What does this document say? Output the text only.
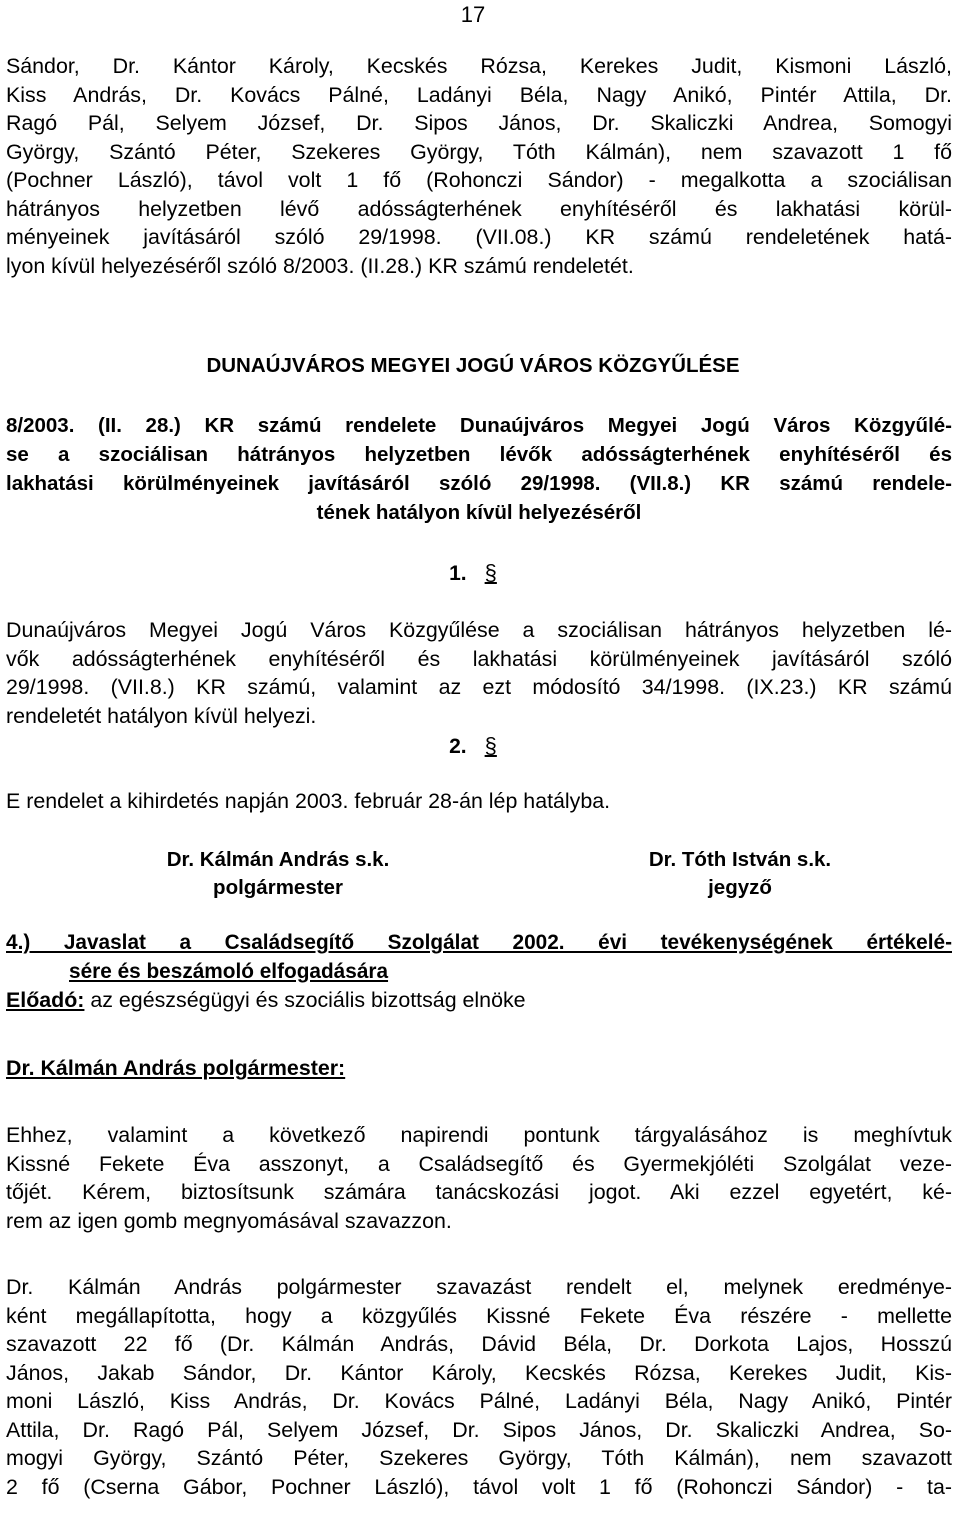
17
Sándor, Dr. Kántor Károly, Kecskés Rózsa, Kerekes Judit, Kismoni László,
Kiss András, Dr. Kovács Pálné, Ladányi Béla, Nagy Anikó, Pintér Attila, Dr.
Ragó Pál, Selyem József, Dr. Sipos János, Dr. Skaliczki Andrea, Somogyi
György, Szántó Péter, Szekeres György, Tóth Kálmán), nem szavazott 1 fő
(Pochner László), távol volt 1 fő (Rohonczi Sándor) - megalkotta a szociálisan
hátrányos helyzetben lévő adósságterhének enyhítéséről és lakhatási körül-
ményeinek javításáról szóló 29/1998. (VII.08.) KR számú rendeletének hatá-
lyon kívül helyezéséről szóló 8/2003. (II.28.) KR számú rendeletét.
DUNAÚJVÁROS MEGYEI JOGÚ VÁROS KÖZGYŰLÉSE
8/2003. (II. 28.) KR számú rendelete Dunaújváros Megyei Jogú Város Közgyűlé-
se a szociálisan hátrányos helyzetben lévők adósságterhének enyhítéséről és
lakhatási körülményeinek javításáról szóló 29/1998. (VII.8.) KR számú rendele-
tének hatályon kívül helyezéséről
1. §
Dunaújváros Megyei Jogú Város Közgyűlése a szociálisan hátrányos helyzetben lé-
vők adósságterhének enyhítéséről és lakhatási körülményeinek javításáról szóló
29/1998. (VII.8.) KR számú, valamint az ezt módosító 34/1998. (IX.23.) KR számú
rendeletét hatályon kívül helyezi.
2. §
E rendelet a kihirdetés napján 2003. február 28-án lép hatályba.
Dr. Kálmán András s.k.
polgármester
Dr. Tóth István s.k.
jegyző
4.) Javaslat a Családsegítő Szolgálat 2002. évi tevékenységének értékelé-
sére és beszámoló elfogadására
Előadó: az egészségügyi és szociális bizottság elnöke
Dr. Kálmán András polgármester:
Ehhez, valamint a következő napirendi pontunk tárgyalásához is meghívtuk
Kissné Fekete Éva asszonyt, a Családsegítő és Gyermekjóléti Szolgálat veze-
tőjét. Kérem, biztosítsunk számára tanácskozási jogot. Aki ezzel egyetért, ké-
rem az igen gomb megnyomásával szavazzon.
Dr. Kálmán András polgármester szavazást rendelt el, melynek eredménye-
ként megállapította, hogy a közgyűlés Kissné Fekete Éva részére - mellette
szavazott 22 fő (Dr. Kálmán András, Dávid Béla, Dr. Dorkota Lajos, Hosszú
János, Jakab Sándor, Dr. Kántor Károly, Kecskés Rózsa, Kerekes Judit, Kis-
moni László, Kiss András, Dr. Kovács Pálné, Ladányi Béla, Nagy Anikó, Pintér
Attila, Dr. Ragó Pál, Selyem József, Dr. Sipos János, Dr. Skaliczki Andrea, So-
mogyi György, Szántó Péter, Szekeres György, Tóth Kálmán), nem szavazott
2 fő (Cserna Gábor, Pochner László), távol volt 1 fő (Rohonczi Sándor) - ta-
